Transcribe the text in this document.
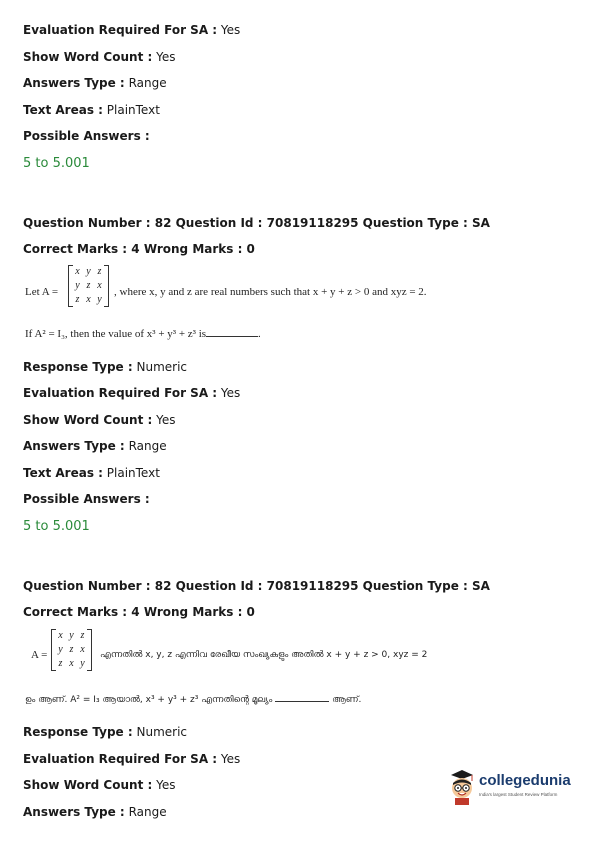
Evaluation Required For SA : Yes
Show Word Count : Yes
Answers Type : Range
Text Areas : PlainText
Possible Answers :
5 to 5.001
Question Number : 82 Question Id : 70819118295 Question Type : SA
Correct Marks : 4 Wrong Marks : 0
Let A =
x y z
y z x
z x y
, where x, y and z are real numbers such that x + y + z > 0 and xyz = 2.
If A² = I₃, then the value of x³ + y³ + z³ is	.
Response Type : Numeric
Evaluation Required For SA : Yes
Show Word Count : Yes
Answers Type : Range
Text Areas : PlainText
Possible Answers :
5 to 5.001
Question Number : 82 Question Id : 70819118295 Question Type : SA
Correct Marks : 4 Wrong Marks : 0
A =
x y z
y z x
z x y
എന്നതിൽ x, y, z എന്നിവ രേഖീയ സംഖ്യകളും അതിൽ x + y + z > 0, xyz = 2
ഉം ആണ്. A² = I₃ ആയാൽ, x³ + y³ + z³ എന്നതിന്റെ മൂല്യം	ആണ്.
Response Type : Numeric
Evaluation Required For SA : Yes
Show Word Count : Yes
Answers Type : Range
collegedunia
India's largest Student Review Platform
